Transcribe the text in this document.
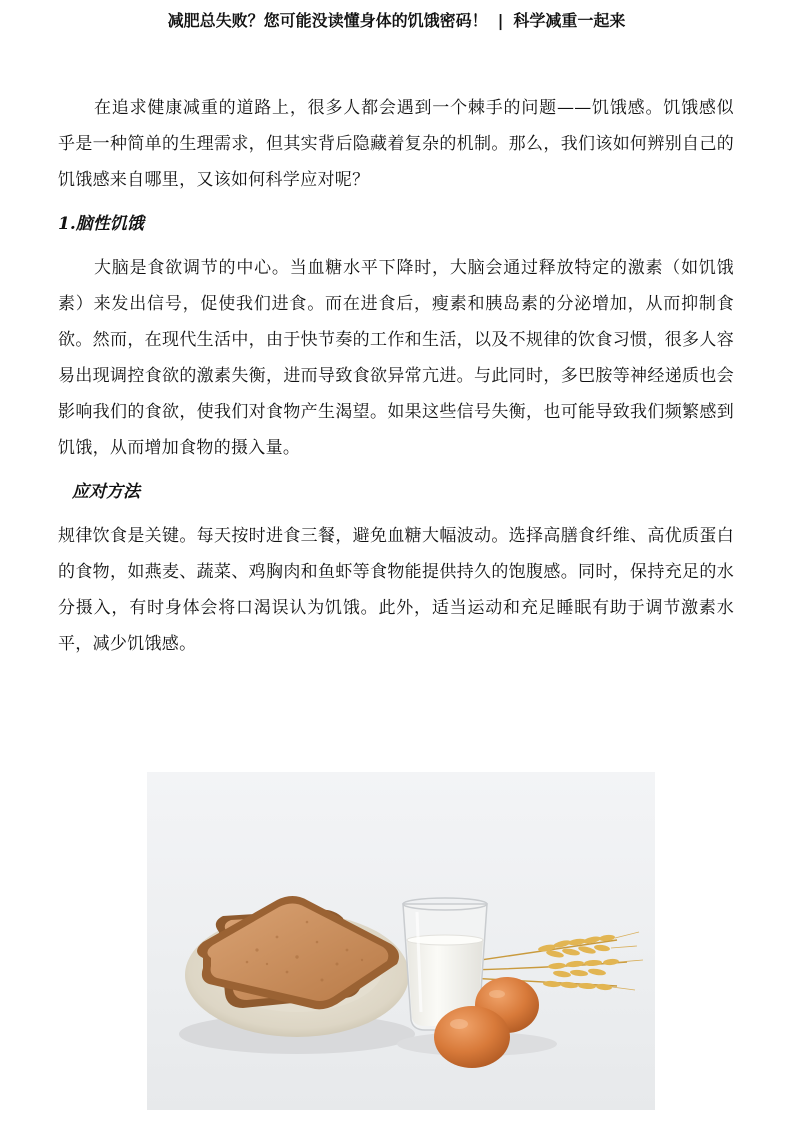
减肥总失败？您可能没读懂身体的饥饿密码！ | 科学减重一起来

在追求健康减重的道路上，很多人都会遇到一个棘手的问题——饥饿感。饥饿感似乎是一种简单的生理需求，但其实背后隐藏着复杂的机制。那么，我们该如何辨别自己的饥饿感来自哪里，又该如何科学应对呢？

1.脑性饥饿

大脑是食欲调节的中心。当血糖水平下降时，大脑会通过释放特定的激素（如饥饿素）来发出信号，促使我们进食。而在进食后，瘦素和胰岛素的分泌增加，从而抑制食欲。然而，在现代生活中，由于快节奏的工作和生活，以及不规律的饮食习惯，很多人容易出现调控食欲的激素失衡，进而导致食欲异常亢进。与此同时，多巴胺等神经递质也会影响我们的食欲，使我们对食物产生渴望。如果这些信号失衡，也可能导致我们频繁感到饥饿，从而增加食物的摄入量。

应对方法

规律饮食是关键。每天按时进食三餐，避免血糖大幅波动。选择高膳食纤维、高优质蛋白的食物，如燕麦、蔬菜、鸡胸肉和鱼虾等食物能提供持久的饱腹感。同时，保持充足的水分摄入，有时身体会将口渴误认为饥饿。此外，适当运动和充足睡眠有助于调节激素水平，减少饥饿感。
